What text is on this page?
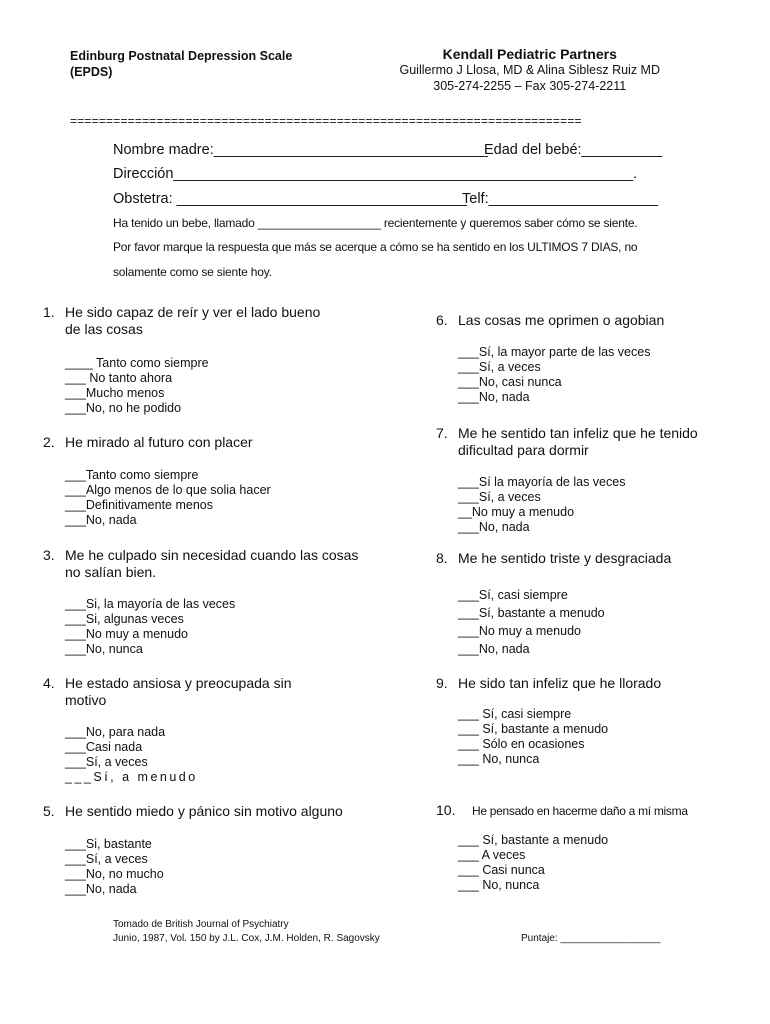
Edinburg Postnatal Depression Scale
(EPDS)
Kendall Pediatric Partners
Guillermo J Llosa, MD & Alina Siblesz Ruiz MD
305-274-2255 – Fax 305-274-2211
=======================================================================
Nombre madre:__________________________________
Edad del bebé:__________
Dirección_________________________________________________________.
Obstetra: ____________________________________
Telf:_____________________
Ha tenido un bebe, llamado ___________________ recientemente y queremos saber cómo se siente.
Por favor marque la respuesta que más se acerque a cómo se ha sentido en los ULTIMOS 7 DIAS, no
solamente como se siente hoy.
1. He sido capaz de reír y ver el lado bueno
de las cosas
____ Tanto como siempre
___ No tanto ahora
___Mucho menos
___No, no he podido
2. He mirado al futuro con placer
___Tanto como siempre
___Algo menos de lo que solia hacer
___Definitivamente menos
___No, nada
3. Me he culpado sin necesidad cuando las cosas
no salían bien.
___Si, la mayoría de las veces
___Si, algunas veces
___No muy a menudo
___No, nunca
4. He estado ansiosa y preocupada sin
motivo
___No, para nada
___Casi nada
___Sí, a veces
___Sí, a menudo
5. He sentido miedo y pánico sin motivo alguno
___Si, bastante
___Sí, a veces
___No, no mucho
___No, nada
6. Las cosas me oprimen o agobian
___Sí, la mayor parte de las veces
___Sí, a veces
___No, casi nunca
___No, nada
7. Me he sentido tan infeliz que he tenido
dificultad para dormir
___Sí la mayoría de las veces
___Sí, a veces
__No muy a menudo
___No, nada
8. Me he sentido triste y desgraciada
___Sí, casi siempre
___Sí, bastante a menudo
___No muy a menudo
___No, nada
9. He sido tan infeliz que he llorado
___ Sí, casi siempre
___ Sí, bastante a menudo
___ Sólo en ocasiones
___ No, nunca
10. He pensado en hacerme daño a mí misma
___ Sí, bastante a menudo
___ A veces
___ Casi nunca
___ No, nunca
Tomado de British Journal of Psychiatry
Junio, 1987, Vol. 150 by J.L. Cox, J.M. Holden, R. Sagovsky	Puntaje: __________________
